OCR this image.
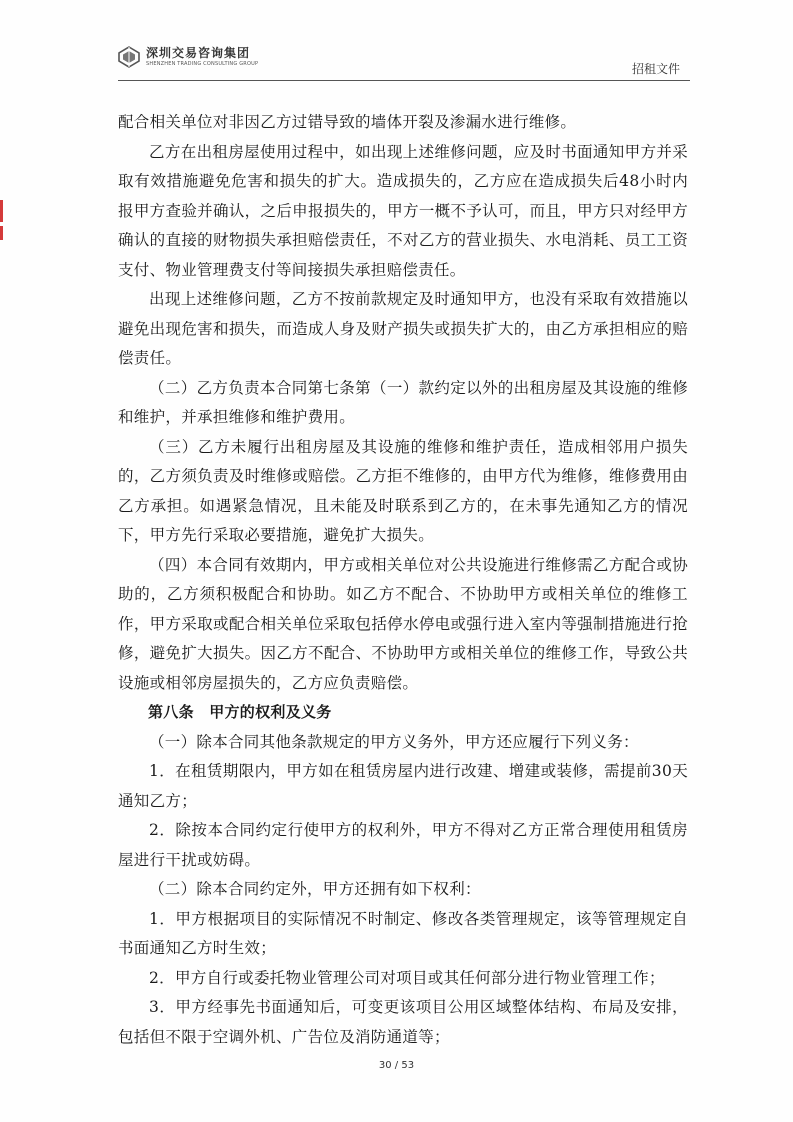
深圳交易咨询集团
SHENZHEN TRADING CONSULTING GROUP	招租文件

配合相关单位对非因乙方过错导致的墙体开裂及渗漏水进行维修。

乙方在出租房屋使用过程中，如出现上述维修问题，应及时书面通知甲方并采取有效措施避免危害和损失的扩大。造成损失的，乙方应在造成损失后48小时内报甲方查验并确认，之后申报损失的，甲方一概不予认可，而且，甲方只对经甲方确认的直接的财物损失承担赔偿责任，不对乙方的营业损失、水电消耗、员工工资支付、物业管理费支付等间接损失承担赔偿责任。

出现上述维修问题，乙方不按前款规定及时通知甲方，也没有采取有效措施以避免出现危害和损失，而造成人身及财产损失或损失扩大的，由乙方承担相应的赔偿责任。

（二）乙方负责本合同第七条第（一）款约定以外的出租房屋及其设施的维修和维护，并承担维修和维护费用。

（三）乙方未履行出租房屋及其设施的维修和维护责任，造成相邻用户损失的，乙方须负责及时维修或赔偿。乙方拒不维修的，由甲方代为维修，维修费用由乙方承担。如遇紧急情况，且未能及时联系到乙方的，在未事先通知乙方的情况下，甲方先行采取必要措施，避免扩大损失。

（四）本合同有效期内，甲方或相关单位对公共设施进行维修需乙方配合或协助的，乙方须积极配合和协助。如乙方不配合、不协助甲方或相关单位的维修工作，甲方采取或配合相关单位采取包括停水停电或强行进入室内等强制措施进行抢修，避免扩大损失。因乙方不配合、不协助甲方或相关单位的维修工作，导致公共设施或相邻房屋损失的，乙方应负责赔偿。

第八条　甲方的权利及义务

（一）除本合同其他条款规定的甲方义务外，甲方还应履行下列义务：

1．在租赁期限内，甲方如在租赁房屋内进行改建、增建或装修，需提前30天通知乙方；

2．除按本合同约定行使甲方的权利外，甲方不得对乙方正常合理使用租赁房屋进行干扰或妨碍。

（二）除本合同约定外，甲方还拥有如下权利：

1．甲方根据项目的实际情况不时制定、修改各类管理规定，该等管理规定自书面通知乙方时生效；

2．甲方自行或委托物业管理公司对项目或其任何部分进行物业管理工作；

3．甲方经事先书面通知后，可变更该项目公用区域整体结构、布局及安排，包括但不限于空调外机、广告位及消防通道等；

30 / 53
